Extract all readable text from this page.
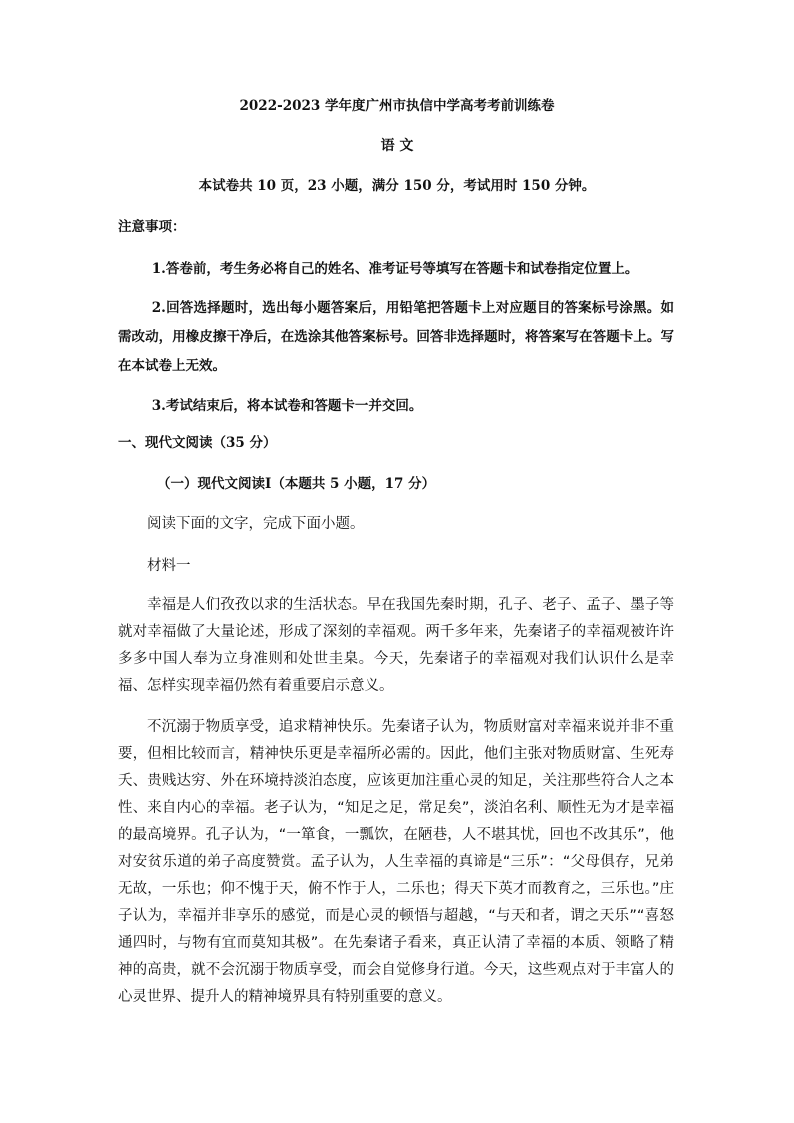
2022-2023 学年度广州市执信中学高考考前训练卷
语 文
本试卷共 10 页，23 小题，满分 150 分，考试用时 150 分钟。
注意事项：

1.答卷前，考生务必将自己的姓名、准考证号等填写在答题卡和试卷指定位置上。

2.回答选择题时，选出每小题答案后，用铅笔把答题卡上对应题目的答案标号涂黑。如需改动，用橡皮擦干净后，在选涂其他答案标号。回答非选择题时，将答案写在答题卡上。写在本试卷上无效。

3.考试结束后，将本试卷和答题卡一并交回。

一、现代文阅读（35 分）
（一）现代文阅读Ⅰ（本题共 5 小题，17 分）
阅读下面的文字，完成下面小题。
材料一

幸福是人们孜孜以求的生活状态。早在我国先秦时期，孔子、老子、孟子、墨子等就对幸福做了大量论述，形成了深刻的幸福观。两千多年来，先秦诸子的幸福观被许许多多中国人奉为立身准则和处世圭臬。今天，先秦诸子的幸福观对我们认识什么是幸福、怎样实现幸福仍然有着重要启示意义。

不沉溺于物质享受，追求精神快乐。先秦诸子认为，物质财富对幸福来说并非不重要，但相比较而言，精神快乐更是幸福所必需的。因此，他们主张对物质财富、生死寿夭、贵贱达穷、外在环境持淡泊态度，应该更加注重心灵的知足，关注那些符合人之本性、来自内心的幸福。老子认为，“知足之足，常足矣”，淡泊名利、顺性无为才是幸福的最高境界。孔子认为，“一箪食，一瓢饮，在陋巷，人不堪其忧，回也不改其乐”，他对安贫乐道的弟子高度赞赏。孟子认为，人生幸福的真谛是“三乐”：“父母俱存，兄弟无故，一乐也；仰不愧于天，俯不怍于人，二乐也；得天下英才而教育之，三乐也。”庄子认为，幸福并非享乐的感觉，而是心灵的顿悟与超越，“与天和者，谓之天乐”“喜怒通四时，与物有宜而莫知其极”。在先秦诸子看来，真正认清了幸福的本质、领略了精神的高贵，就不会沉溺于物质享受，而会自觉修身行道。今天，这些观点对于丰富人的心灵世界、提升人的精神境界具有特别重要的意义。
